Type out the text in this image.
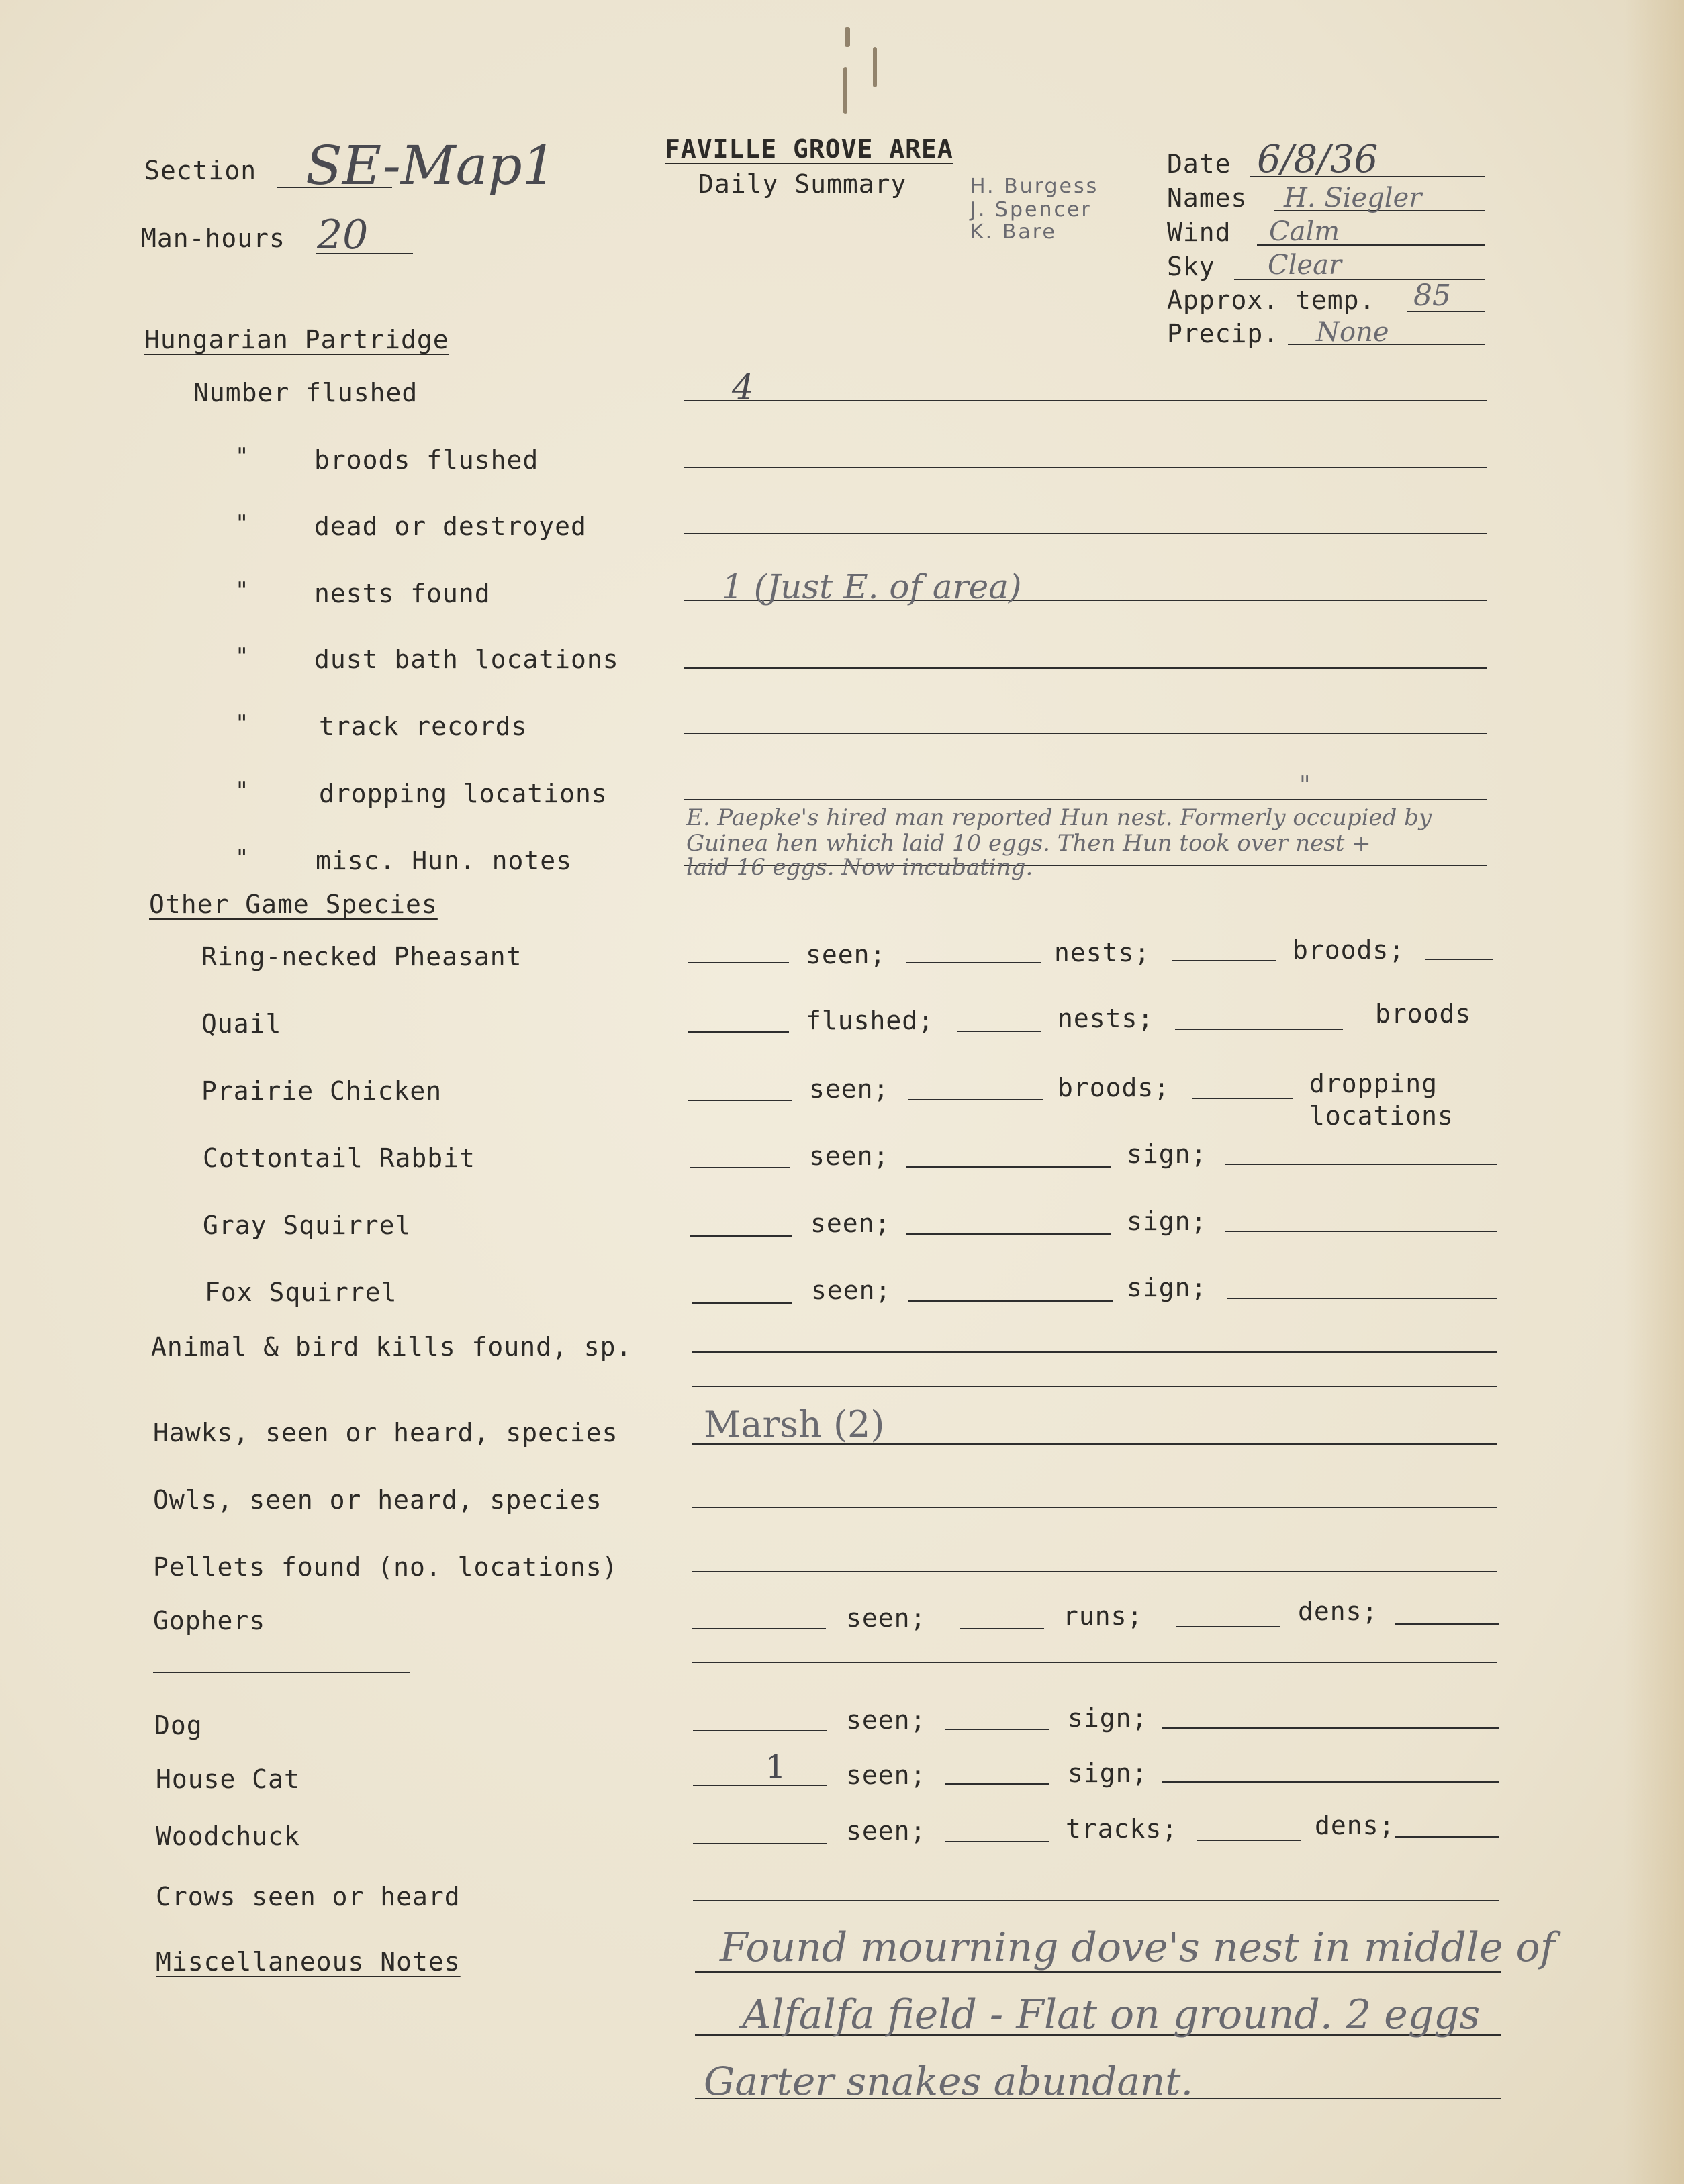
Section SE-Map1
Man-hours 20
FAVILLE GROVE AREA
Daily Summary	H. Burgess
J. Spencer
K. Bare
Date 6/8/36
Names H. Siegler
Wind Calm
Sky Clear
Approx. temp. 85
Precip. None
Hungarian Partridge
Number flushed	4
"	broods flushed
"	dead or destroyed
"	nests found	1 (Just E. of area)
"	dust bath locations
"	track records
"	dropping locations	"
"	misc. Hun. notes
E. Paepke's hired man reported Hun nest. Formerly occupied by
Guinea hen which laid 10 eggs. Then Hun took over nest +
laid 16 eggs. Now incubating.
Other Game Species
Ring-necked Pheasant	seen;	nests;	broods;
Quail	flushed;	nests;	broods
Prairie Chicken	seen;	broods;	dropping
locations
Cottontail Rabbit	seen;	sign;
Gray Squirrel	seen;	sign;
Fox Squirrel	seen;	sign;
Animal & bird kills found, sp.
Hawks, seen or heard, species Marsh (2)
Owls, seen or heard, species
Pellets found (no. locations)
Gophers	seen;	runs;	dens;
Dog	seen;	sign;
House Cat	1 seen;	sign;
Woodchuck	seen;	tracks;	dens;
Crows seen or heard
Miscellaneous Notes	Found mourning dove's nest in middle of
Alfalfa field - Flat on ground. 2 eggs
Garter snakes abundant.
